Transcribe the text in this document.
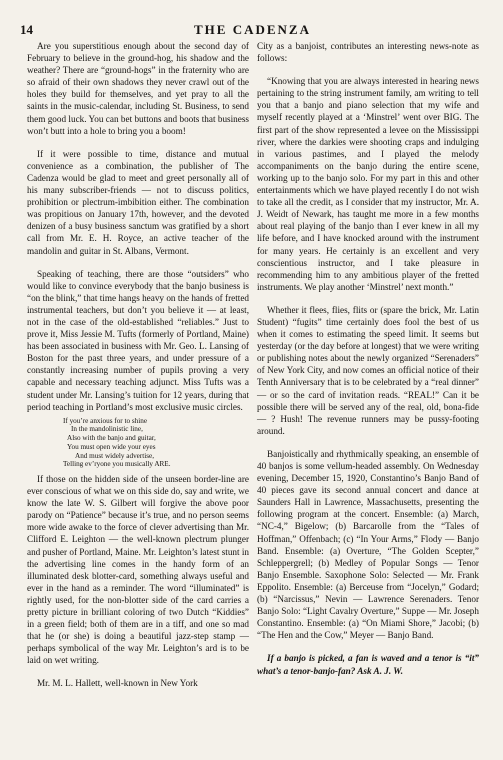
14	THE CADENZA

Are you superstitious enough about the second day of February to believe in the ground-hog, his shadow and the weather? There are “ground-hogs” in the fraternity who are so afraid of their own shadows they never crawl out of the holes they build for themselves, and yet pray to all the saints in the music-calendar, including St. Business, to send them good luck. You can bet buttons and boots that business won’t butt into a hole to bring you a boom!

If it were possible to time, distance and mutual convenience as a combination, the publisher of The Cadenza would be glad to meet and greet personally all of his many subscriber-friends — not to discuss politics, prohibition or plectrum-imbibition either. The combination was propitious on January 17th, however, and the devoted denizen of a busy business sanctum was gratified by a short call from Mr. E. H. Royce, an active teacher of the mandolin and guitar in St. Albans, Vermont.

Speaking of teaching, there are those “outsiders” who would like to convince everybody that the banjo business is “on the blink,” that time hangs heavy on the hands of fretted instrumental teachers, but don’t you believe it — at least, not in the case of the old-established “reliables.” Just to prove it, Miss Jessie M. Tufts (formerly of Portland, Maine) has been associated in business with Mr. Geo. L. Lansing of Boston for the past three years, and under pressure of a constantly increasing number of pupils proving a very capable and necessary teaching adjunct. Miss Tufts was a student under Mr. Lansing’s tuition for 12 years, during that period teaching in Portland’s most exclusive music circles.

If you’re anxious for to shine
In the mandolinistic line,
Also with the banjo and guitar,
You must open wide your eyes
And must widely advertise,
Telling ev’ryone you musically ARE.

If those on the hidden side of the unseen border-line are ever conscious of what we on this side do, say and write, we know the late W. S. Gilbert will forgive the above poor parody on “Patience” because it’s true, and no person seems more wide awake to the force of clever advertising than Mr. Clifford E. Leighton — the well-known plectrum plunger and pusher of Portland, Maine. Mr. Leighton’s latest stunt in the advertising line comes in the handy form of an illuminated desk blotter-card, something always useful and ever in the hand as a reminder. The word “illuminated” is rightly used, for the non-blotter side of the card carries a pretty picture in brilliant coloring of two Dutch “Kiddies” in a green field; both of them are in a tiff, and one so mad that he (or she) is doing a beautiful jazz-step stamp — perhaps symbolical of the way Mr. Leighton’s ard is to be laid on wet writing.

Mr. M. L. Hallett, well-known in New York

City as a banjoist, contributes an interesting news-note as follows:

“Knowing that you are always interested in hearing news pertaining to the string instrument family, am writing to tell you that a banjo and piano selection that my wife and myself recently played at a ‘Minstrel’ went over BIG. The first part of the show represented a levee on the Mississippi river, where the darkies were shooting craps and indulging in various pastimes, and I played the melody accompaniments on the banjo during the entire scene, working up to the banjo solo. For my part in this and other entertainments which we have played recently I do not wish to take all the credit, as I consider that my instructor, Mr. A. J. Weidt of Newark, has taught me more in a few months about real playing of the banjo than I ever knew in all my life before, and I have knocked around with the instrument for many years. He certainly is an excellent and very conscientious instructor, and I take pleasure in recommending him to any ambitious player of the fretted instruments. We play another ‘Minstrel’ next month.”

Whether it flees, flies, flits or (spare the brick, Mr. Latin Student) “fugits” time certainly does fool the best of us when it comes to estimating the speed limit. It seems but yesterday (or the day before at longest) that we were writing or publishing notes about the newly organized “Serenaders” of New York City, and now comes an official notice of their Tenth Anniversary that is to be celebrated by a “real dinner” — or so the card of invitation reads. “REAL!” Can it be possible there will be served any of the real, old, bona-fide — ? Hush! The revenue runners may be pussy-footing around.

Banjoistically and rhythmically speaking, an ensemble of 40 banjos is some vellum-headed assembly. On Wednesday evening, December 15, 1920, Constantino’s Banjo Band of 40 pieces gave its second annual concert and dance at Saunders Hall in Lawrence, Massachusetts, presenting the following program at the concert. Ensemble: (a) March, “NC-4,” Bigelow; (b) Barcarolle from the “Tales of Hoffman,” Offenbach; (c) “In Your Arms,” Flody — Banjo Band. Ensemble: (a) Overture, “The Golden Scepter,” Schleppergrell; (b) Medley of Popular Songs — Tenor Banjo Ensemble. Saxophone Solo: Selected — Mr. Frank Eppolito. Ensemble: (a) Berceuse from “Jocelyn,” Godard; (b) “Narcissus,” Nevin — Lawrence Serenaders. Tenor Banjo Solo: “Light Cavalry Overture,” Suppe — Mr. Joseph Constantino. Ensemble: (a) “On Miami Shore,” Jacobi; (b) “The Hen and the Cow,” Meyer — Banjo Band.

If a banjo is picked, a fan is waved and a tenor is “it” what’s a tenor-banjo-fan? Ask A. J. W.
